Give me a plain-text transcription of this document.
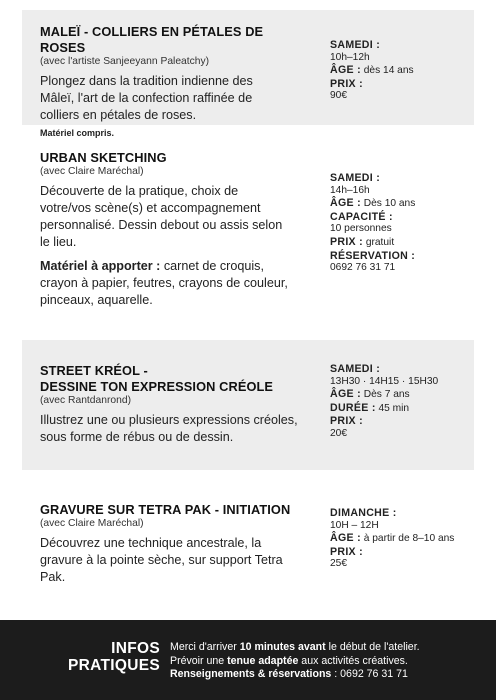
MALEÏ - COLLIERS EN PÉTALES DE ROSES
(avec l'artiste Sanjeeyann Paleatchy)
Plongez dans la tradition indienne des Mâleï, l'art de la confection raffinée de colliers en pétales de roses.
Matériel compris.
SAMEDI :
10h–12h
ÂGE : dès 14 ans
PRIX :
90€
URBAN SKETCHING
(avec Claire Maréchal)
Découverte de la pratique, choix de votre/vos scène(s) et accompagnement personnalisé. Dessin debout ou assis selon le lieu.
Matériel à apporter : carnet de croquis, crayon à papier, feutres, crayons de couleur, pinceaux, aquarelle.
SAMEDI :
14h–16h
ÂGE : Dès 10 ans
CAPACITÉ :
10 personnes
PRIX : gratuit
RÉSERVATION :
0692 76 31 71
STREET KRÉOL -
DESSINE TON EXPRESSION CRÉOLE
(avec Rantdanrond)
Illustrez une ou plusieurs expressions créoles, sous forme de rébus ou de dessin.
SAMEDI :
13H30 · 14H15 · 15H30
ÂGE : Dès 7 ans
DURÉE : 45 min
PRIX :
20€
GRAVURE SUR TETRA PAK - INITIATION
(avec Claire Maréchal)
Découvrez une technique ancestrale, la gravure à la pointe sèche, sur support Tetra Pak.
DIMANCHE :
10H – 12H
ÂGE : à partir de 8–10 ans
PRIX :
25€
INFOS
PRATIQUES
Merci d'arriver 10 minutes avant le début de l'atelier.
Prévoir une tenue adaptée aux activités créatives.
Renseignements & réservations : 0692 76 31 71
